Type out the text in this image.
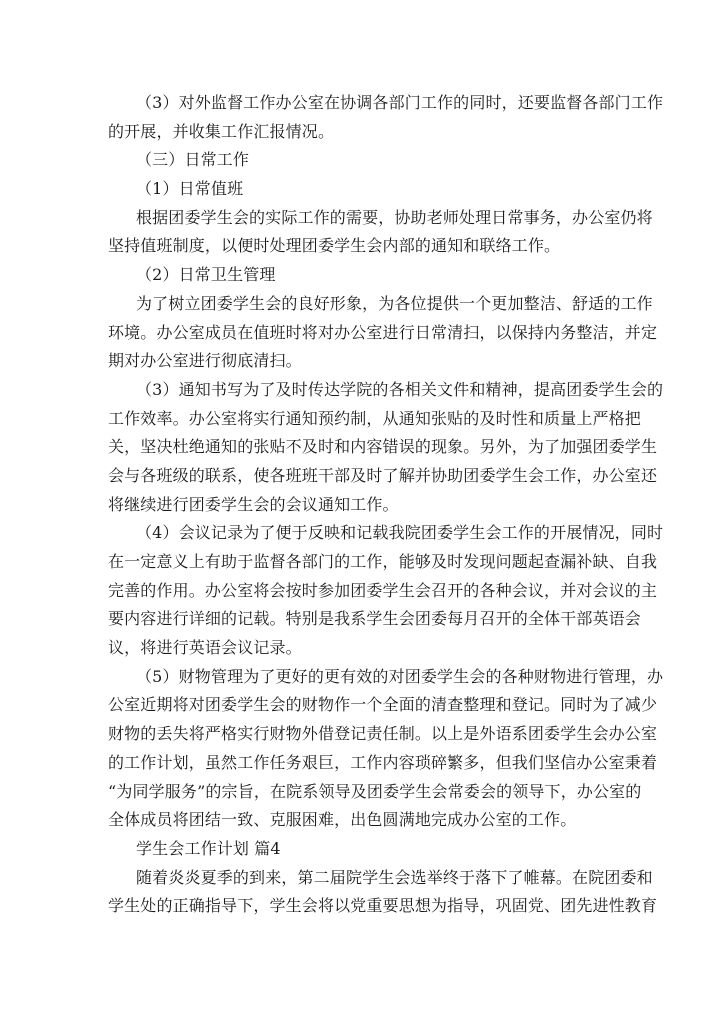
（3）对外监督工作办公室在协调各部门工作的同时，还要监督各部门工作
的开展，并收集工作汇报情况。
（三）日常工作
（1）日常值班
根据团委学生会的实际工作的需要，协助老师处理日常事务，办公室仍将
坚持值班制度，以便时处理团委学生会内部的通知和联络工作。
（2）日常卫生管理
为了树立团委学生会的良好形象，为各位提供一个更加整洁、舒适的工作
环境。办公室成员在值班时将对办公室进行日常清扫，以保持内务整洁，并定
期对办公室进行彻底清扫。
（3）通知书写为了及时传达学院的各相关文件和精神，提高团委学生会的
工作效率。办公室将实行通知预约制，从通知张贴的及时性和质量上严格把
关，坚决杜绝通知的张贴不及时和内容错误的现象。另外，为了加强团委学生
会与各班级的联系，使各班班干部及时了解并协助团委学生会工作，办公室还
将继续进行团委学生会的会议通知工作。
（4）会议记录为了便于反映和记载我院团委学生会工作的开展情况，同时
在一定意义上有助于监督各部门的工作，能够及时发现问题起查漏补缺、自我
完善的作用。办公室将会按时参加团委学生会召开的各种会议，并对会议的主
要内容进行详细的记载。特别是我系学生会团委每月召开的全体干部英语会
议，将进行英语会议记录。
（5）财物管理为了更好的更有效的对团委学生会的各种财物进行管理，办
公室近期将对团委学生会的财物作一个全面的清查整理和登记。同时为了减少
财物的丢失将严格实行财物外借登记责任制。以上是外语系团委学生会办公室
的工作计划，虽然工作任务艰巨，工作内容琐碎繁多，但我们坚信办公室秉着
“为同学服务”的宗旨，在院系领导及团委学生会常委会的领导下，办公室的
全体成员将团结一致、克服困难，出色圆满地完成办公室的工作。
学生会工作计划 篇4
随着炎炎夏季的到来，第二届院学生会选举终于落下了帷幕。在院团委和
学生处的正确指导下，学生会将以党重要思想为指导，巩固党、团先进性教育
